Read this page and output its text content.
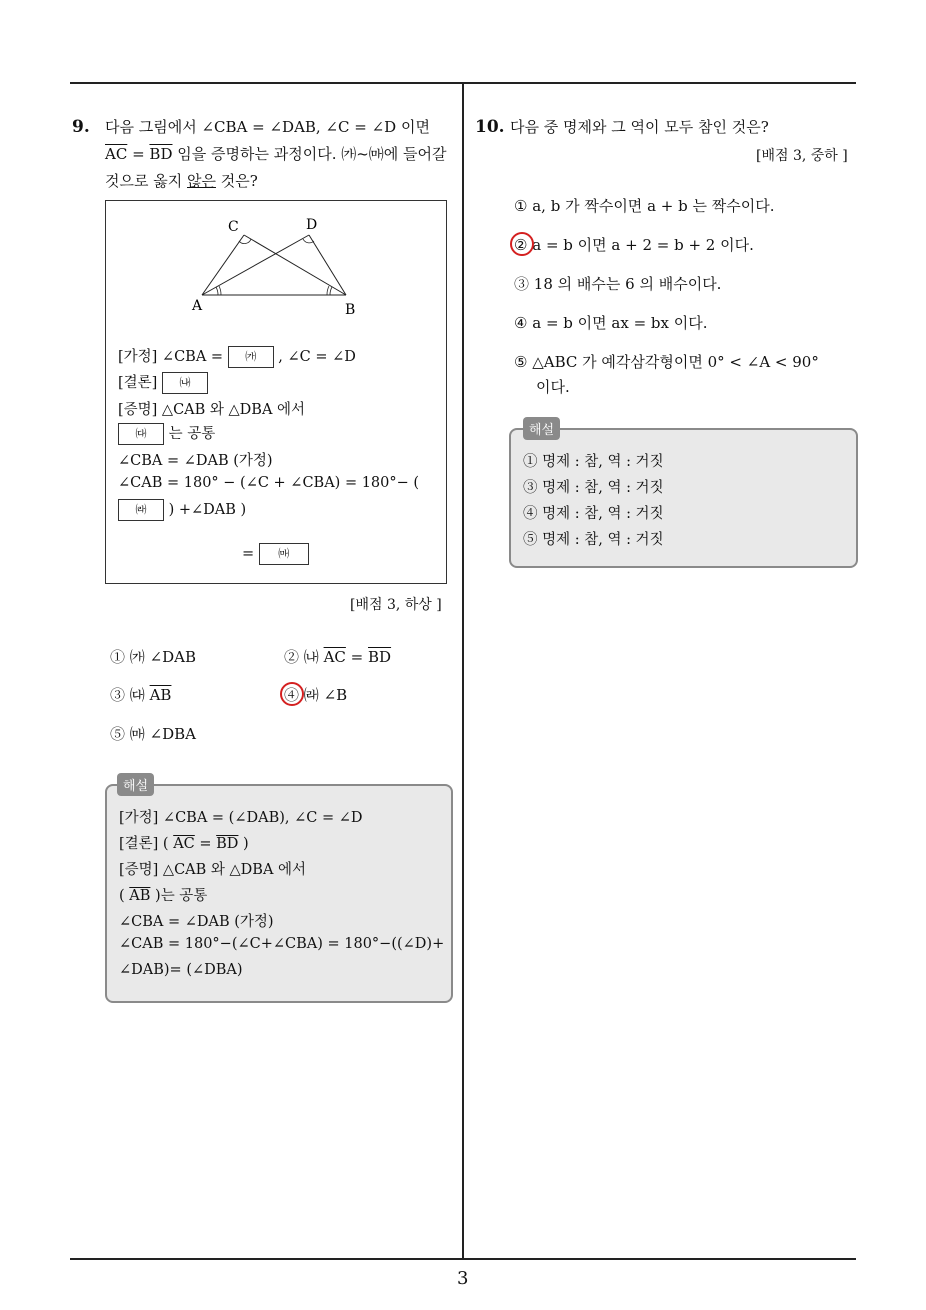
3
9. 다음 그림에서 ∠CBA = ∠DAB, ∠C = ∠D 이면
$\overline{AC} = \overline{BD}$ 임을 증명하는 과정이다. ㈎~㈒에 들어갈
것으로 옳지 않은 것은?
C	D
A	B
[가정] ∠CBA = ㈎ , ∠C = ∠D
[결론] ㈏
[증명] △CAB 와 △DBA 에서
㈐ 는 공통
∠CBA = ∠DAB (가정)
∠CAB = 180° − (∠C + ∠CBA) = 180°− (
㈑ ) +∠DAB )
= ㈒
[배점 3, 하상 ]
① ㈎ ∠DAB	② ㈏ $\overline{AC} = \overline{BD}$
③ ㈐ $\overline{AB}$	④ ㈑ ∠B
⑤ ㈒ ∠DBA
[가정] ∠CBA = (∠DAB), ∠C = ∠D
[결론] ( $\overline{AC} = \overline{BD}$ )
[증명] △CAB 와 △DBA 에서
( $\overline{AB}$ )는 공통
∠CBA = ∠DAB (가정)
∠CAB = 180°−(∠C+∠CBA) = 180°−((∠D)+
∠DAB)= (∠DBA)
해설
10. 다음 중 명제와 그 역이 모두 참인 것은?
[배점 3, 중하 ]
① a, b 가 짝수이면 a + b 는 짝수이다.
② a = b 이면 a + 2 = b + 2 이다.
③ 18 의 배수는 6 의 배수이다.
④ a = b 이면 ax = bx 이다.
⑤ △ABC 가 예각삼각형이면 0° < ∠A < 90°
이다.
① 명제 : 참, 역 : 거짓
③ 명제 : 참, 역 : 거짓
④ 명제 : 참, 역 : 거짓
⑤ 명제 : 참, 역 : 거짓
해설
